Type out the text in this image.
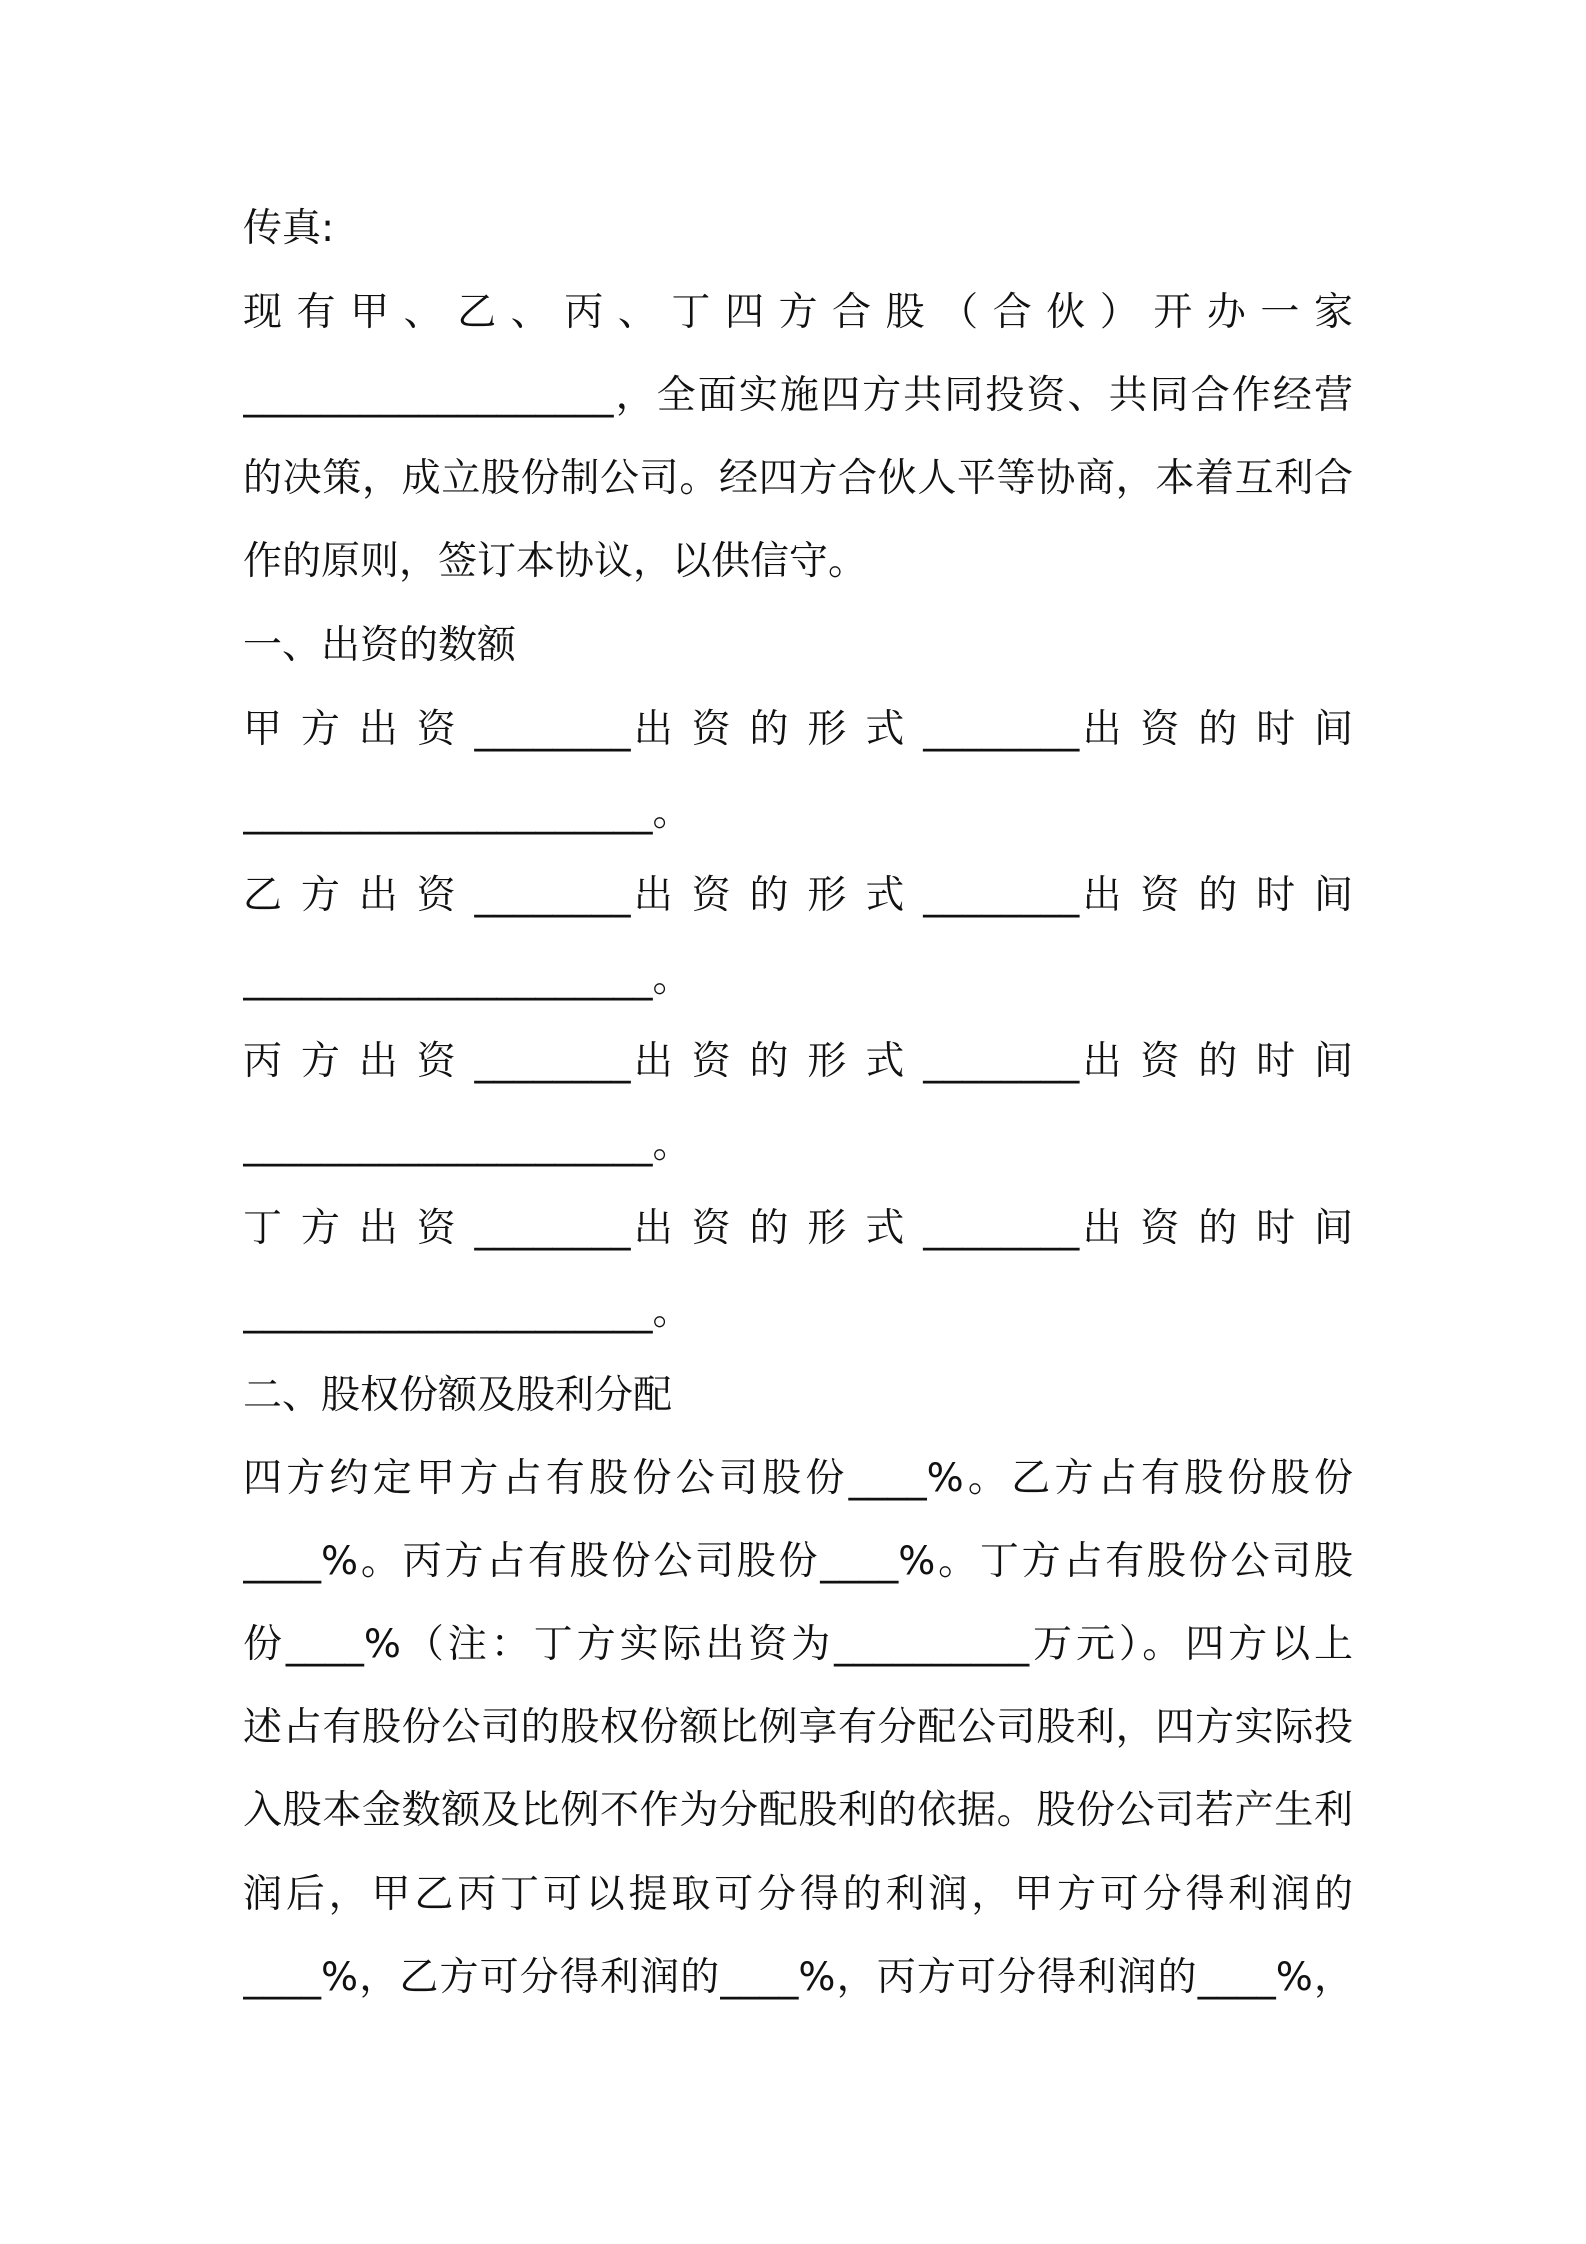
传真:
现 有 甲 、 乙 、 丙 、 丁 四 方 合 股 （ 合 伙 ） 开 办 一 家
___________________，全面实施四方共同投资、共同合作经营
的决策，成立股份制公司。经四方合伙人平等协商，本着互利合
作的原则，签订本协议，以供信守。
一、出资的数额
甲 方 出 资 ________出 资 的 形 式 ________出 资 的 时 间
_____________________。
乙 方 出 资 ________出 资 的 形 式 ________出 资 的 时 间
_____________________。
丙 方 出 资 ________出 资 的 形 式 ________出 资 的 时 间
_____________________。
丁 方 出 资 ________出 资 的 形 式 ________出 资 的 时 间
_____________________。
二、股权份额及股利分配
四方约定甲方占有股份公司股份____%。乙方占有股份股份
____%。丙方占有股份公司股份____%。丁方占有股份公司股
份____%（注：丁方实际出资为__________万元）。四方以上
述占有股份公司的股权份额比例享有分配公司股利，四方实际投
入股本金数额及比例不作为分配股利的依据。股份公司若产生利
润后，甲乙丙丁可以提取可分得的利润，甲方可分得利润的
____%，乙方可分得利润的____%，丙方可分得利润的____%，
